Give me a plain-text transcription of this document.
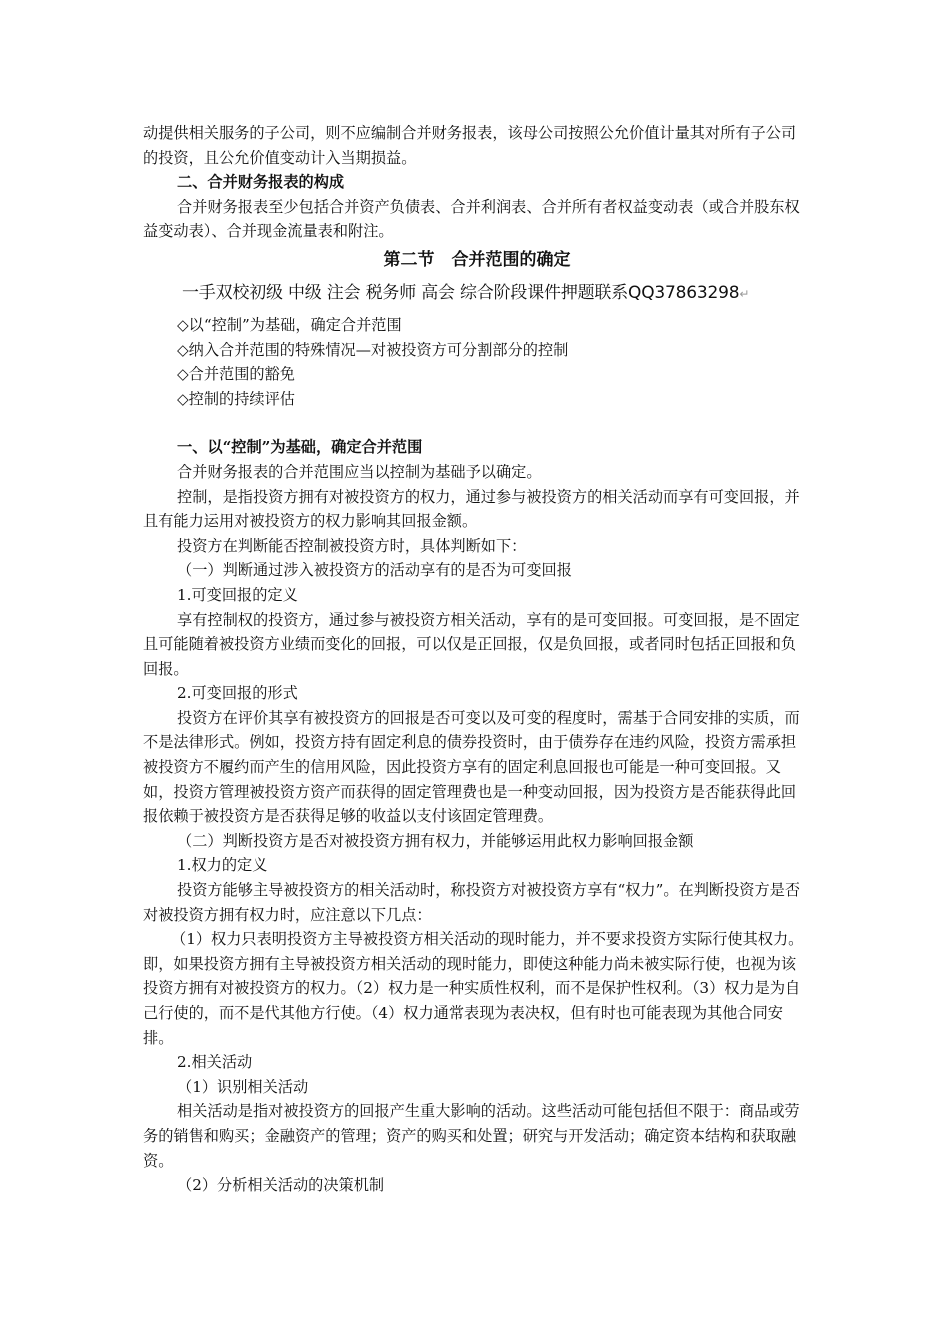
动提供相关服务的子公司，则不应编制合并财务报表，该母公司按照公允价值计量其对所有子公司的投资，且公允价值变动计入当期损益。

二、合并财务报表的构成

合并财务报表至少包括合并资产负债表、合并利润表、合并所有者权益变动表（或合并股东权益变动表）、合并现金流量表和附注。

第二节　合并范围的确定

一手双校初级 中级 注会 税务师 高会 综合阶段课件押题联系QQ37863298↵

◇以“控制”为基础，确定合并范围

◇纳入合并范围的特殊情况—对被投资方可分割部分的控制

◇合并范围的豁免

◇控制的持续评估

一、以“控制”为基础，确定合并范围

合并财务报表的合并范围应当以控制为基础予以确定。

控制，是指投资方拥有对被投资方的权力，通过参与被投资方的相关活动而享有可变回报，并且有能力运用对被投资方的权力影响其回报金额。

投资方在判断能否控制被投资方时，具体判断如下：

（一）判断通过涉入被投资方的活动享有的是否为可变回报

1.可变回报的定义

享有控制权的投资方，通过参与被投资方相关活动，享有的是可变回报。可变回报，是不固定且可能随着被投资方业绩而变化的回报，可以仅是正回报，仅是负回报，或者同时包括正回报和负回报。

2.可变回报的形式

投资方在评价其享有被投资方的回报是否可变以及可变的程度时，需基于合同安排的实质，而不是法律形式。例如，投资方持有固定利息的债券投资时，由于债券存在违约风险，投资方需承担被投资方不履约而产生的信用风险，因此投资方享有的固定利息回报也可能是一种可变回报。又如，投资方管理被投资方资产而获得的固定管理费也是一种变动回报，因为投资方是否能获得此回报依赖于被投资方是否获得足够的收益以支付该固定管理费。

（二）判断投资方是否对被投资方拥有权力，并能够运用此权力影响回报金额

1.权力的定义

投资方能够主导被投资方的相关活动时，称投资方对被投资方享有“权力”。在判断投资方是否对被投资方拥有权力时，应注意以下几点：

（1）权力只表明投资方主导被投资方相关活动的现时能力，并不要求投资方实际行使其权力。即，如果投资方拥有主导被投资方相关活动的现时能力，即使这种能力尚未被实际行使，也视为该投资方拥有对被投资方的权力。（2）权力是一种实质性权利，而不是保护性权利。（3）权力是为自己行使的，而不是代其他方行使。（4）权力通常表现为表决权，但有时也可能表现为其他合同安排。

2.相关活动

（1）识别相关活动

相关活动是指对被投资方的回报产生重大影响的活动。这些活动可能包括但不限于：商品或劳务的销售和购买；金融资产的管理；资产的购买和处置；研究与开发活动；确定资本结构和获取融资。

（2）分析相关活动的决策机制
